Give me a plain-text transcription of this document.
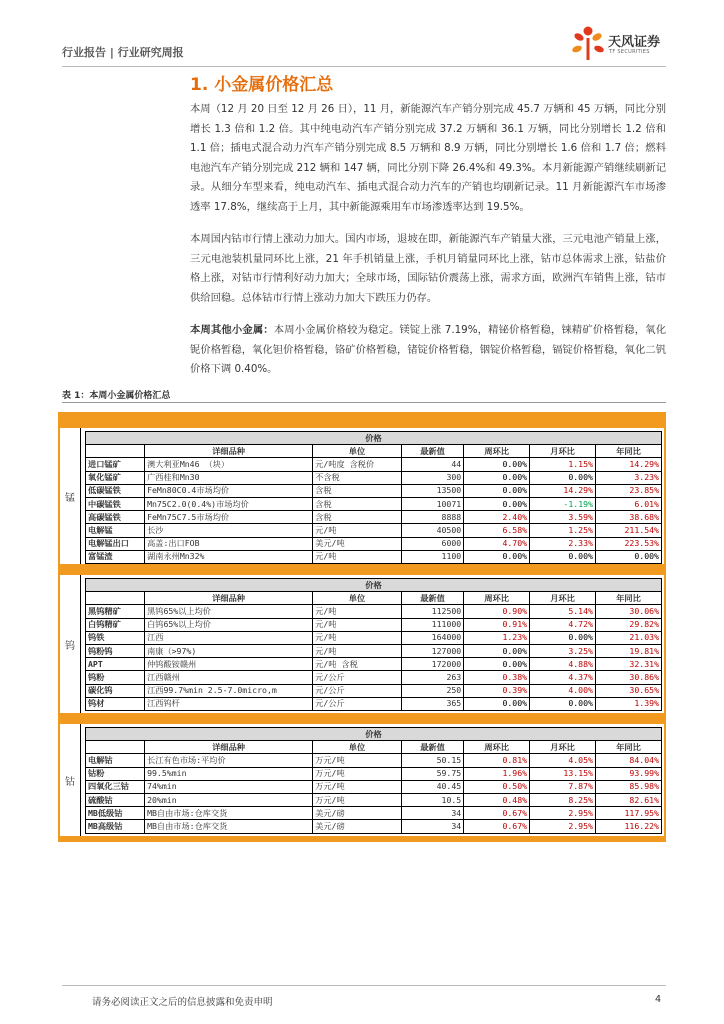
行业报告 | 行业研究周报
天风证券
TF SECURITIES
1. 小金属价格汇总

本周（12 月 20 日至 12 月 26 日），11 月，新能源汽车产销分别完成 45.7 万辆和 45 万辆，同比分别增长 1.3 倍和 1.2 倍。其中纯电动汽车产销分别完成 37.2 万辆和 36.1 万辆，同比分别增长 1.2 倍和 1.1 倍；插电式混合动力汽车产销分别完成 8.5 万辆和 8.9 万辆，同比分别增长 1.6 倍和 1.7 倍；燃料电池汽车产销分别完成 212 辆和 147 辆，同比分别下降 26.4%和 49.3%。本月新能源产销继续刷新记录。从细分车型来看，纯电动汽车、插电式混合动力汽车的产销也均刷新记录。11 月新能源汽车市场渗透率 17.8%，继续高于上月，其中新能源乘用车市场渗透率达到 19.5%。

本周国内钴市行情上涨动力加大。国内市场，退坡在即，新能源汽车产销量大涨，三元电池产销量上涨，三元电池装机量同环比上涨，21 年手机销量上涨，手机月销量同环比上涨，钴市总体需求上涨，钴盐价格上涨，对钴市行情利好动力加大；全球市场，国际钴价震荡上涨，需求方面，欧洲汽车销售上涨，钴市供给回稳。总体钴市行情上涨动力加大下跌压力仍存。

本周其他小金属：本周小金属价格较为稳定。镁锭上涨 7.19%，精铋价格暂稳，铼精矿价格暂稳，氧化铌价格暂稳，氧化钽价格暂稳，铬矿价格暂稳，锗锭价格暂稳，铟锭价格暂稳，镉锭价格暂稳，氧化二钒价格下调 0.40%。

表 1：本周小金属价格汇总
锰
价格						
	详细品种	单位	最新值	周环比	月环比	年同比
进口锰矿	澳大利亚Mn46 （块）	元/吨度 含税价	44	0.00%	1.15%	14.29%
氧化锰矿	广西桂和Mn30	不含税	300	0.00%	0.00%	3.23%
低碳锰铁	FeMn80C0.4市场均价	含税	13500	0.00%	14.29%	23.85%
中碳锰铁	Mn75C2.0(0.4%)市场均价	含税	10071	0.00%	-1.19%	6.01%
高碳锰铁	FeMn75C7.5市场均价	含税	8888	2.40%	3.59%	38.68%
电解锰	长沙	元/吨	40500	6.58%	1.25%	211.54%
电解锰出口	高盖:出口FOB	美元/吨	6000	4.70%	2.33%	223.53%
富锰渣	湖南永州Mn32%	元/吨	1100	0.00%	0.00%	0.00%
钨
价格						
	详细品种	单位	最新值	周环比	月环比	年同比
黑钨精矿	黑钨65%以上均价	元/吨	112500	0.90%	5.14%	30.06%
白钨精矿	白钨65%以上均价	元/吨	111000	0.91%	4.72%	29.82%
钨铁	江西	元/吨	164000	1.23%	0.00%	21.03%
钨粉钨	南康（>97%)	元/吨	127000	0.00%	3.25%	19.81%
APT	仲钨酸铵赣州	元/吨 含税	172000	0.00%	4.88%	32.31%
钨粉	江西赣州	元/公斤	263	0.38%	4.37%	30.86%
碳化钨	江西99.7%min 2.5-7.0micro,m	元/公斤	250	0.39%	4.00%	30.65%
钨材	江西钨杆	元/公斤	365	0.00%	0.00%	1.39%
钴
价格						
	详细品种	单位	最新值	周环比	月环比	年同比
电解钴	长江有色市场:平均价	万元/吨	50.15	0.81%	4.05%	84.04%
钴粉	99.5%min	万元/吨	59.75	1.96%	13.15%	93.99%
四氧化三钴	74%min	万元/吨	40.45	0.50%	7.87%	85.98%
硫酸钴	20%min	万元/吨	10.5	0.48%	8.25%	82.61%
MB低级钴	MB自由市场:仓库交货	美元/磅	34	0.67%	2.95%	117.95%
MB高级钴	MB自由市场:仓库交货	美元/磅	34	0.67%	2.95%	116.22%
请务必阅读正文之后的信息披露和免责申明	4
